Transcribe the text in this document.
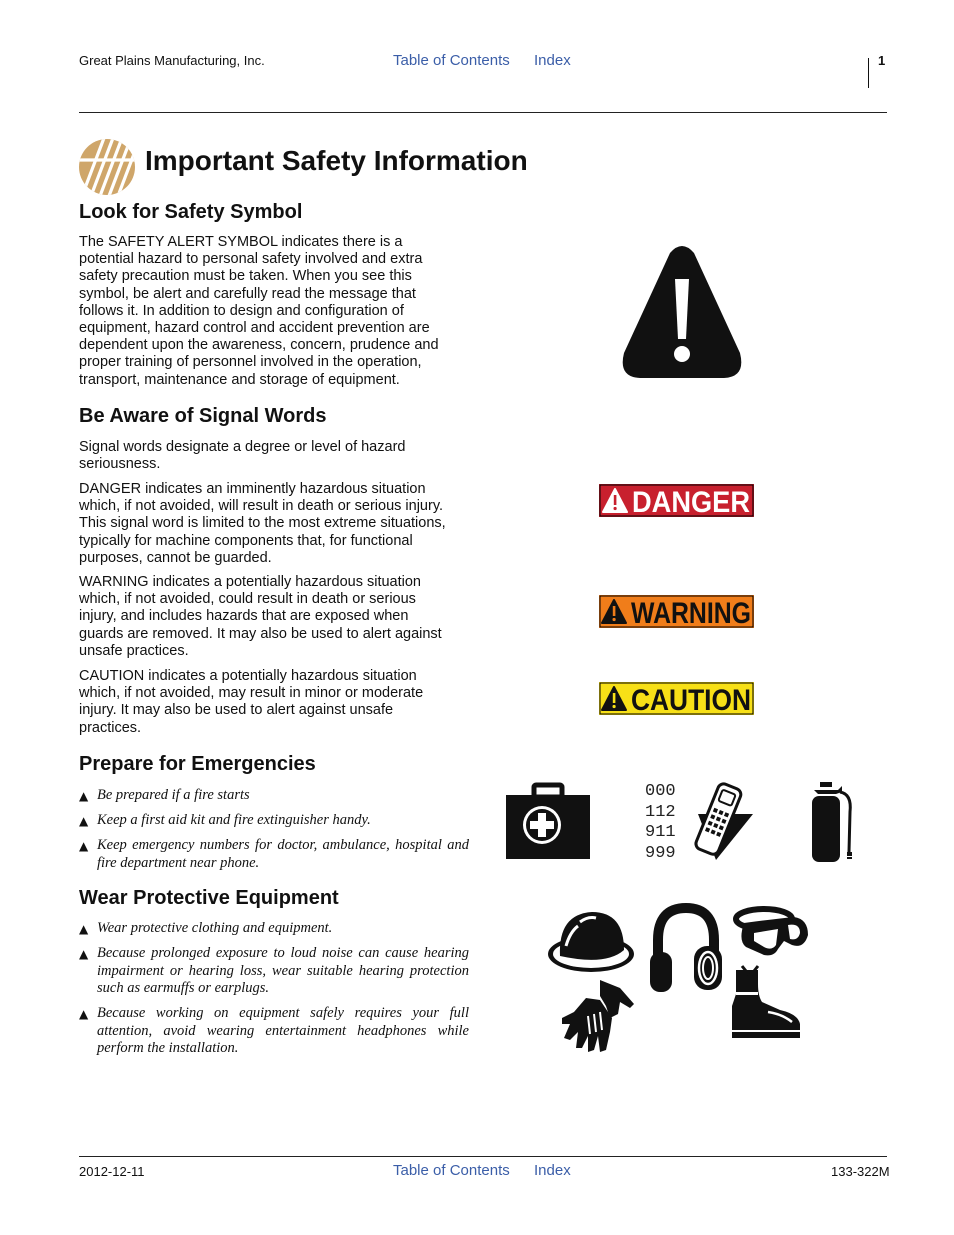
Great Plains Manufacturing, Inc.	Table of Contents Index	1
Important Safety Information
Look for Safety Symbol
The SAFETY ALERT SYMBOL indicates there is a
potential hazard to personal safety involved and extra
safety precaution must be taken. When you see this
symbol, be alert and carefully read the message that
follows it. In addition to design and configuration of
equipment, hazard control and accident prevention are
dependent upon the awareness, concern, prudence and
proper training of personnel involved in the operation,
transport, maintenance and storage of equipment.
Be Aware of Signal Words
Signal words designate a degree or level of hazard
seriousness.
DANGER indicates an imminently hazardous situation
which, if not avoided, will result in death or serious injury.
This signal word is limited to the most extreme situations,
typically for machine components that, for functional
purposes, cannot be guarded.
WARNING indicates a potentially hazardous situation
which, if not avoided, could result in death or serious
injury, and includes hazards that are exposed when
guards are removed. It may also be used to alert against
unsafe practices.
CAUTION indicates a potentially hazardous situation
which, if not avoided, may result in minor or moderate
injury. It may also be used to alert against unsafe
practices.
DANGER
WARNING
CAUTION
Prepare for Emergencies
▲ Be prepared if a fire starts
▲ Keep a first aid kit and fire extinguisher handy.
▲ Keep emergency numbers for doctor, ambulance, hospital and fire department near phone.
000
112
911
999
Wear Protective Equipment
▲ Wear protective clothing and equipment.
▲ Because prolonged exposure to loud noise can cause hearing impairment or hearing loss, wear suitable hearing protection such as earmuffs or earplugs.
▲ Because working on equipment safely requires your full attention, avoid wearing entertainment headphones while perform the installation.
2012-12-11	Table of Contents Index	133-322M
